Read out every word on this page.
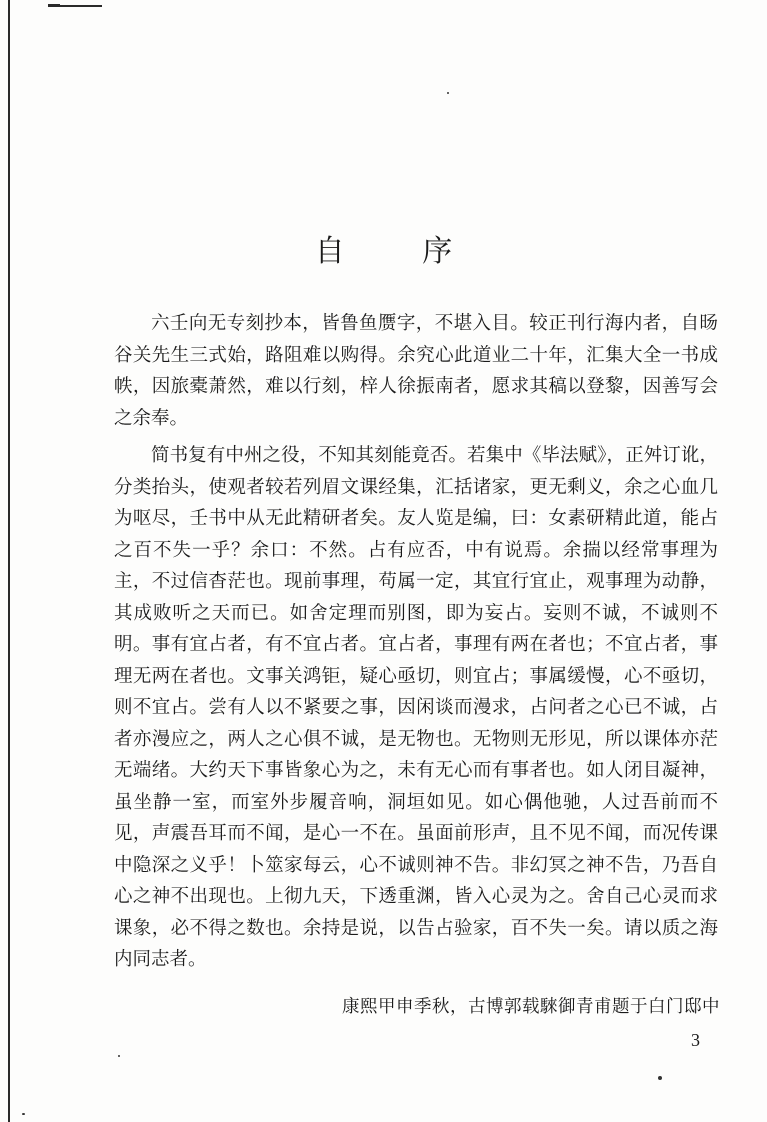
自 序

六壬向无专刻抄本，皆鲁鱼赝字，不堪入目。较正刊行海内者，自旸谷关先生三式始，路阻难以购得。余究心此道业二十年，汇集大全一书成帙，因旅橐萧然，难以行刻，梓人徐振南者，愿求其稿以登黎，因善写会之余奉。

简书复有中州之役，不知其刻能竟否。若集中《毕法赋》，正舛订讹，分类抬头，使观者较若列眉文课经集，汇括诸家，更无剩义，余之心血几为呕尽，壬书中从无此精研者矣。友人览是编，曰：女素研精此道，能占之百不失一乎？余口：不然。占有应否，中有说焉。余揣以经常事理为主，不过信杳茫也。现前事理，苟属一定，其宜行宜止，观事理为动静，其成败听之天而已。如舍定理而别图，即为妄占。妄则不诚，不诚则不明。事有宜占者，有不宜占者。宜占者，事理有两在者也；不宜占者，事理无两在者也。文事关鸿钜，疑心亟切，则宜占；事属缓慢，心不亟切，则不宜占。尝有人以不紧要之事，因闲谈而漫求，占问者之心已不诚，占者亦漫应之，两人之心俱不诚，是无物也。无物则无形见，所以课体亦茫无端绪。大约天下事皆象心为之，未有无心而有事者也。如人闭目凝神，虽坐静一室，而室外步履音响，洞垣如见。如心偶他驰，人过吾前而不见，声震吾耳而不闻，是心一不在。虽面前形声，且不见不闻，而况传课中隐深之义乎！卜筮家每云，心不诚则神不告。非幻冥之神不告，乃吾自心之神不出现也。上彻九天，下透重渊，皆入心灵为之。舍自己心灵而求课象，必不得之数也。余持是说，以告占验家，百不失一矣。请以质之海内同志者。

康熙甲申季秋，古博郭载騋御青甫题于白门邸中
3
